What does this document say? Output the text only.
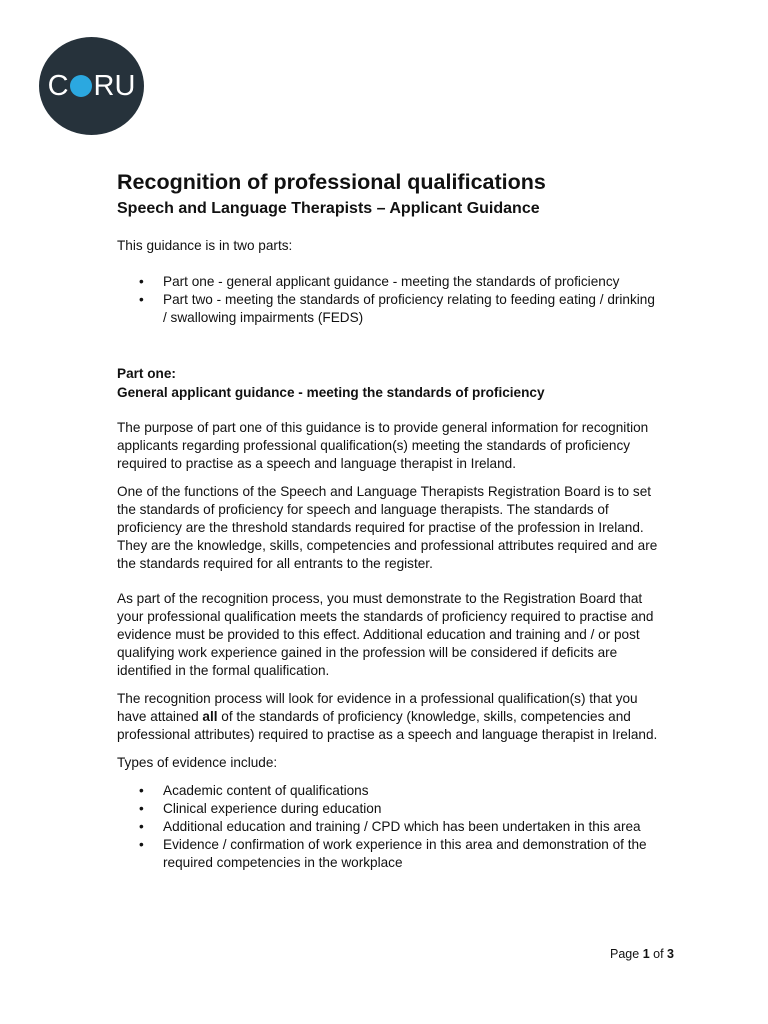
C RU
Recognition of professional qualifications
Speech and Language Therapists – Applicant Guidance

This guidance is in two parts:

• Part one - general applicant guidance - meeting the standards of proficiency
• Part two - meeting the standards of proficiency relating to feeding eating / drinking / swallowing impairments (FEDS)
Part one:
General applicant guidance - meeting the standards of proficiency

The purpose of part one of this guidance is to provide general information for recognition applicants regarding professional qualification(s) meeting the standards of proficiency required to practise as a speech and language therapist in Ireland.

One of the functions of the Speech and Language Therapists Registration Board is to set the standards of proficiency for speech and language therapists. The standards of proficiency are the threshold standards required for practise of the profession in Ireland. They are the knowledge, skills, competencies and professional attributes required and are the standards required for all entrants to the register.

As part of the recognition process, you must demonstrate to the Registration Board that your professional qualification meets the standards of proficiency required to practise and evidence must be provided to this effect. Additional education and training and / or post qualifying work experience gained in the profession will be considered if deficits are identified in the formal qualification.

The recognition process will look for evidence in a professional qualification(s) that you have attained all of the standards of proficiency (knowledge, skills, competencies and professional attributes) required to practise as a speech and language therapist in Ireland.

Types of evidence include:

• Academic content of qualifications
• Clinical experience during education
• Additional education and training / CPD which has been undertaken in this area
• Evidence / confirmation of work experience in this area and demonstration of the required competencies in the workplace
Page 1 of 3
